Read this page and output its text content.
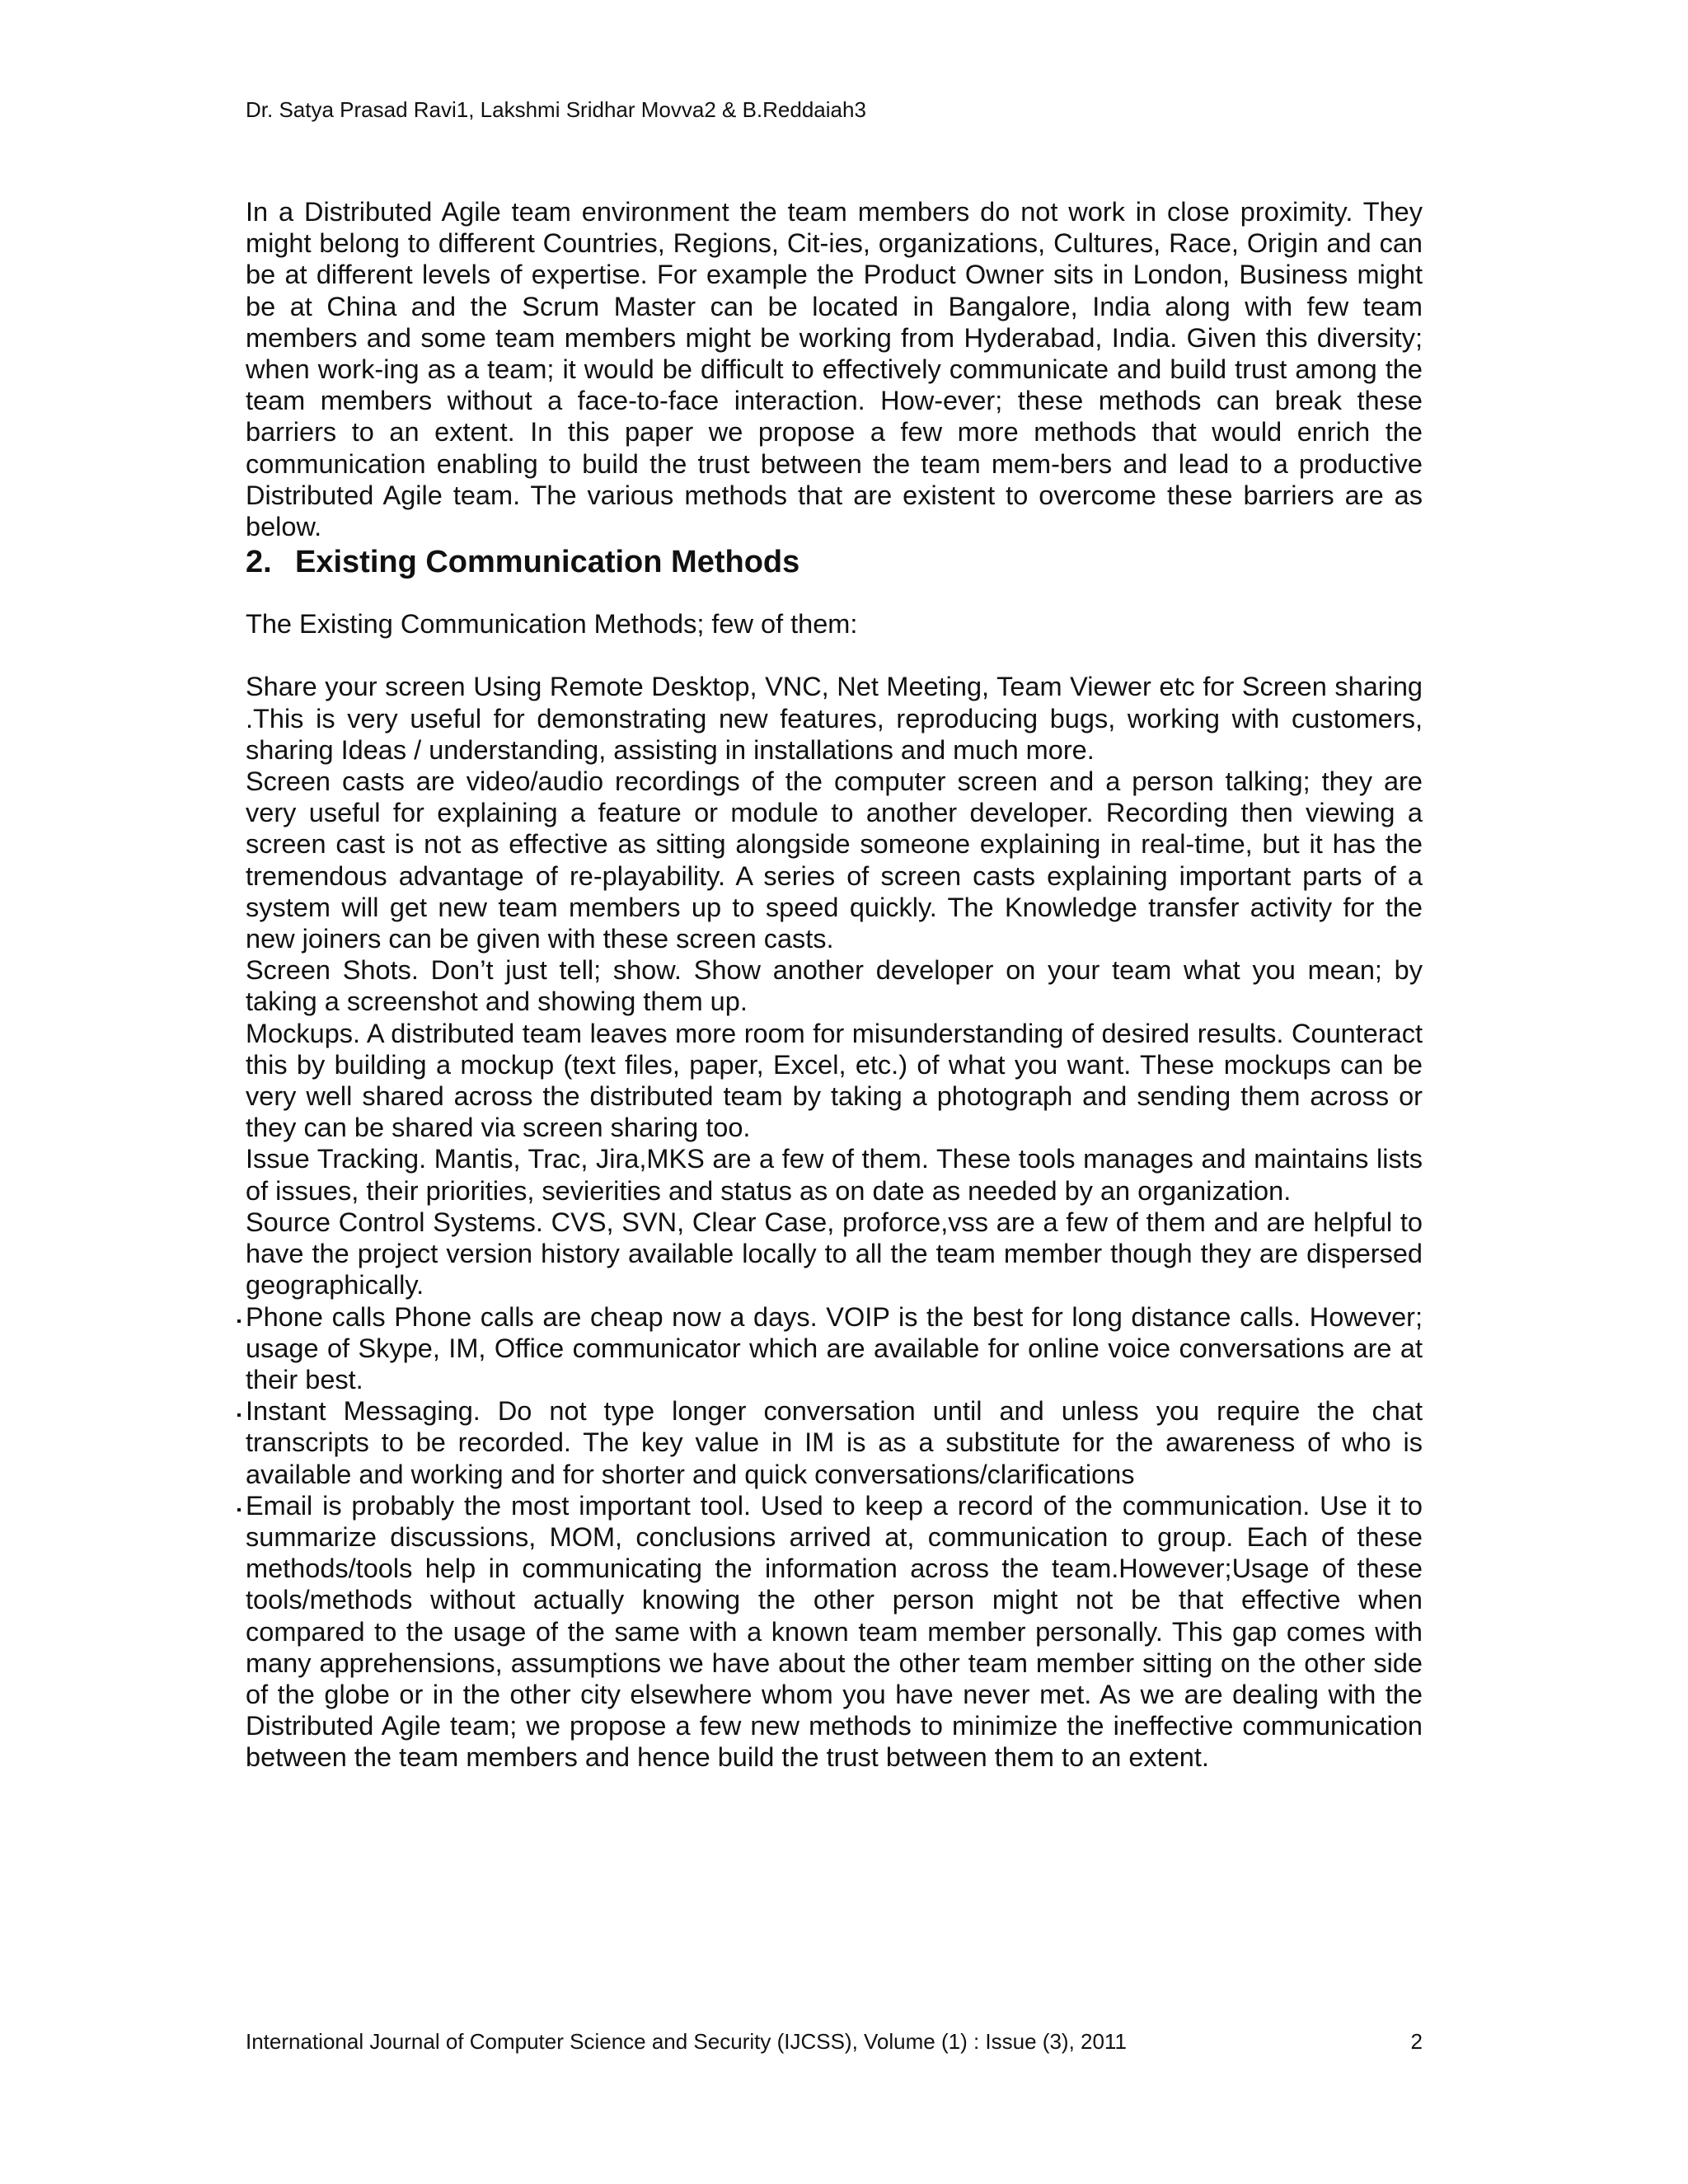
Dr. Satya Prasad Ravi1, Lakshmi Sridhar Movva2 & B.Reddaiah3

In a Distributed Agile team environment the team members do not work in close proximity. They might belong to different Countries, Regions, Cit-ies, organizations, Cultures, Race, Origin and can be at different levels of expertise. For example the Product Owner sits in London, Business might be at China and the Scrum Master can be located in Bangalore, India along with few team members and some team members might be working from Hyderabad, India. Given this diversity; when work-ing as a team; it would be difficult to effectively communicate and build trust among the team members without a face-to-face interaction. How-ever; these methods can break these barriers to an extent. In this paper we propose a few more methods that would enrich the communication enabling to build the trust between the team mem-bers and lead to a productive Distributed Agile team. The various methods that are existent to overcome these barriers are as below.

2. Existing Communication Methods

The Existing Communication Methods; few of them:

Share your screen Using Remote Desktop, VNC, Net Meeting, Team Viewer etc for Screen sharing .This is very useful for demonstrating new features, reproducing bugs, working with customers, sharing Ideas / understanding, assisting in installations and much more.

Screen casts are video/audio recordings of the computer screen and a person talking; they are very useful for explaining a feature or module to another developer. Recording then viewing a screen cast is not as effective as sitting alongside someone explaining in real-time, but it has the tremendous advantage of re-playability. A series of screen casts explaining important parts of a system will get new team members up to speed quickly. The Knowledge transfer activity for the new joiners can be given with these screen casts.

Screen Shots. Don’t just tell; show. Show another developer on your team what you mean; by taking a screenshot and showing them up.

Mockups. A distributed team leaves more room for misunderstanding of desired results. Counteract this by building a mockup (text files, paper, Excel, etc.) of what you want. These mockups can be very well shared across the distributed team by taking a photograph and sending them across or they can be shared via screen sharing too.

Issue Tracking. Mantis, Trac, Jira,MKS are a few of them. These tools manages and maintains lists of issues, their priorities, sevierities and status as on date as needed by an organization.

Source Control Systems. CVS, SVN, Clear Case, proforce,vss are a few of them and are helpful to have the project version history available locally to all the team member though they are dispersed geographically.

Phone calls Phone calls are cheap now a days. VOIP is the best for long distance calls. However; usage of Skype, IM, Office communicator which are available for online voice conversations are at their best.

Instant Messaging. Do not type longer conversation until and unless you require the chat transcripts to be recorded. The key value in IM is as a substitute for the awareness of who is available and working and for shorter and quick conversations/clarifications

Email is probably the most important tool. Used to keep a record of the communication. Use it to summarize discussions, MOM, conclusions arrived at, communication to group. Each of these methods/tools help in communicating the information across the team.However;Usage of these tools/methods without actually knowing the other person might not be that effective when compared to the usage of the same with a known team member personally. This gap comes with many apprehensions, assumptions we have about the other team member sitting on the other side of the globe or in the other city elsewhere whom you have never met. As we are dealing with the Distributed Agile team; we propose a few new methods to minimize the ineffective communication between the team members and hence build the trust between them to an extent.

International Journal of Computer Science and Security (IJCSS), Volume (1) : Issue (3), 2011	2
